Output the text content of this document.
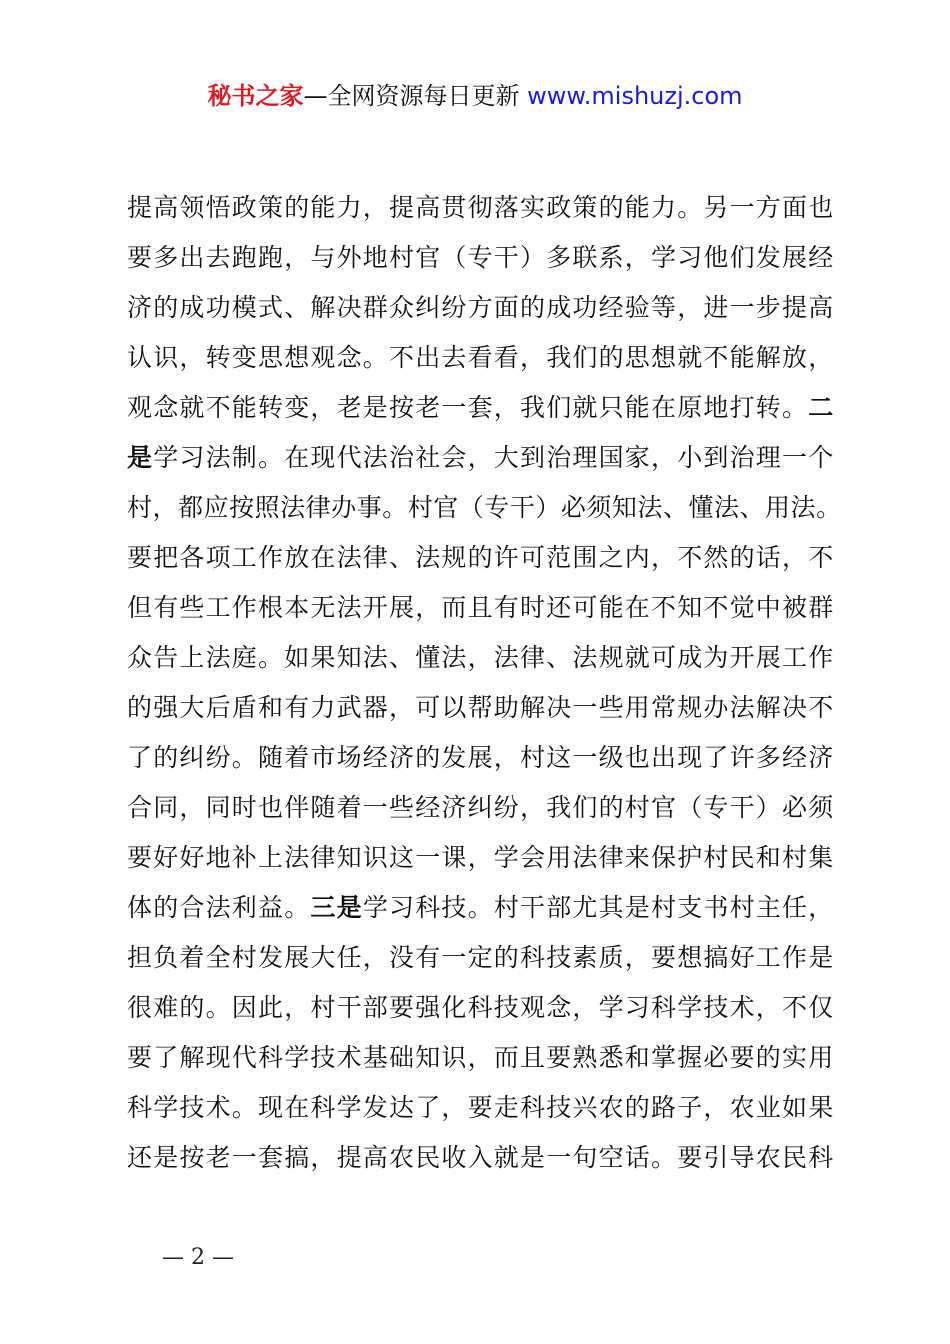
秘书之家—全网资源每日更新 www.mishuzj.com
提高领悟政策的能力，提高贯彻落实政策的能力。另一方面也
要多出去跑跑，与外地村官（专干）多联系，学习他们发展经
济的成功模式、解决群众纠纷方面的成功经验等，进一步提高
认识，转变思想观念。不出去看看，我们的思想就不能解放，
观念就不能转变，老是按老一套，我们就只能在原地打转。二
是学习法制。在现代法治社会，大到治理国家，小到治理一个
村，都应按照法律办事。村官（专干）必须知法、懂法、用法。
要把各项工作放在法律、法规的许可范围之内，不然的话，不
但有些工作根本无法开展，而且有时还可能在不知不觉中被群
众告上法庭。如果知法、懂法，法律、法规就可成为开展工作
的强大后盾和有力武器，可以帮助解决一些用常规办法解决不
了的纠纷。随着市场经济的发展，村这一级也出现了许多经济
合同，同时也伴随着一些经济纠纷，我们的村官（专干）必须
要好好地补上法律知识这一课，学会用法律来保护村民和村集
体的合法利益。三是学习科技。村干部尤其是村支书村主任，
担负着全村发展大任，没有一定的科技素质，要想搞好工作是
很难的。因此，村干部要强化科技观念，学习科学技术，不仅
要了解现代科学技术基础知识，而且要熟悉和掌握必要的实用
科学技术。现在科学发达了，要走科技兴农的路子，农业如果
还是按老一套搞，提高农民收入就是一句空话。要引导农民科
— 2 —
